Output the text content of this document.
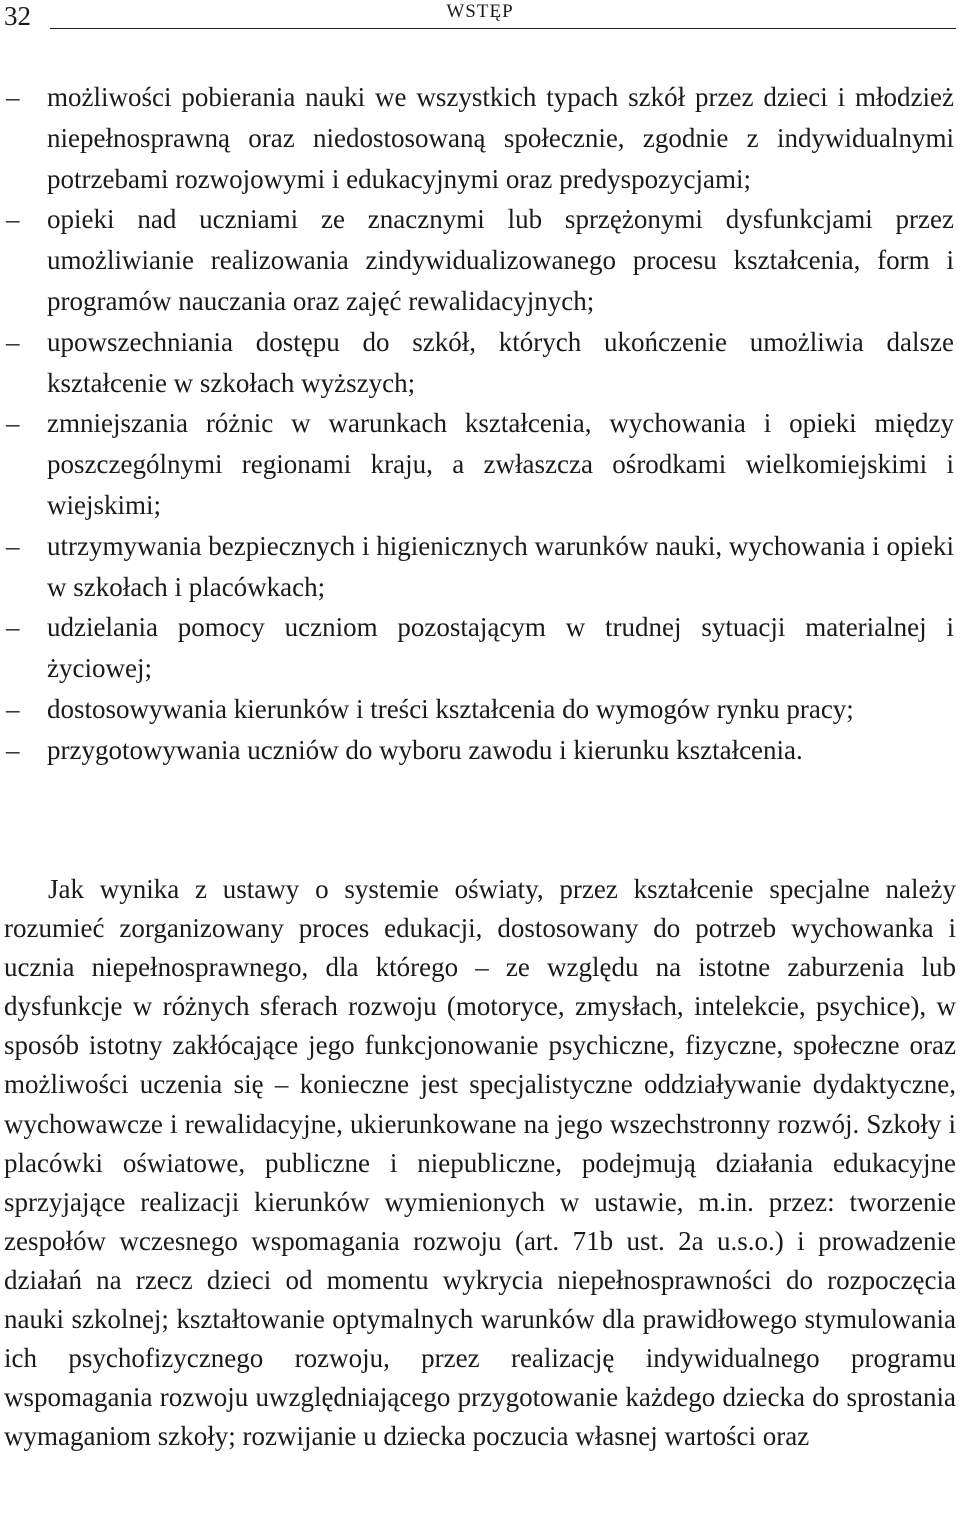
32	WSTĘP
–	możliwości pobierania nauki we wszystkich typach szkół przez dzieci i młodzież niepełnosprawną oraz niedostosowaną społecznie, zgodnie z indywidualnymi potrzebami rozwojowymi i edukacyjnymi oraz predyspozycjami;
–	opieki nad uczniami ze znacznymi lub sprzężonymi dysfunkcjami przez umożliwianie realizowania zindywidualizowanego procesu kształcenia, form i programów nauczania oraz zajęć rewalidacyjnych;
–	upowszechniania dostępu do szkół, których ukończenie umożliwia dalsze kształcenie w szkołach wyższych;
–	zmniejszania różnic w warunkach kształcenia, wychowania i opieki między poszczególnymi regionami kraju, a zwłaszcza ośrodkami wielkomiejskimi i wiejskimi;
–	utrzymywania bezpiecznych i higienicznych warunków nauki, wychowania i opieki w szkołach i placówkach;
–	udzielania pomocy uczniom pozostającym w trudnej sytuacji materialnej i życiowej;
–	dostosowywania kierunków i treści kształcenia do wymogów rynku pracy;
–	przygotowywania uczniów do wyboru zawodu i kierunku kształcenia.

Jak wynika z ustawy o systemie oświaty, przez kształcenie specjalne należy rozumieć zorganizowany proces edukacji, dostosowany do potrzeb wychowanka i ucznia niepełnosprawnego, dla którego – ze względu na istotne zaburzenia lub dysfunkcje w różnych sferach rozwoju (motoryce, zmysłach, intelekcie, psychice), w sposób istotny zakłócające jego funkcjonowanie psychiczne, fizyczne, społeczne oraz możliwości uczenia się – konieczne jest specjalistyczne oddziaływanie dydaktyczne, wychowawcze i rewalidacyjne, ukierunkowane na jego wszechstronny rozwój. Szkoły i placówki oświatowe, publiczne i niepubliczne, podejmują działania edukacyjne sprzyjające realizacji kierunków wymienionych w ustawie, m.in. przez: tworzenie zespołów wczesnego wspomagania rozwoju (art. 71b ust. 2a u.s.o.) i prowadzenie działań na rzecz dzieci od momentu wykrycia niepełnosprawności do rozpoczęcia nauki szkolnej; kształtowanie optymalnych warunków dla prawidłowego stymulowania ich psychofizycznego rozwoju, przez realizację indywidualnego programu wspomagania rozwoju uwzględniającego przygotowanie każdego dziecka do sprostania wymaganiom szkoły; rozwijanie u dziecka poczucia własnej wartości oraz
